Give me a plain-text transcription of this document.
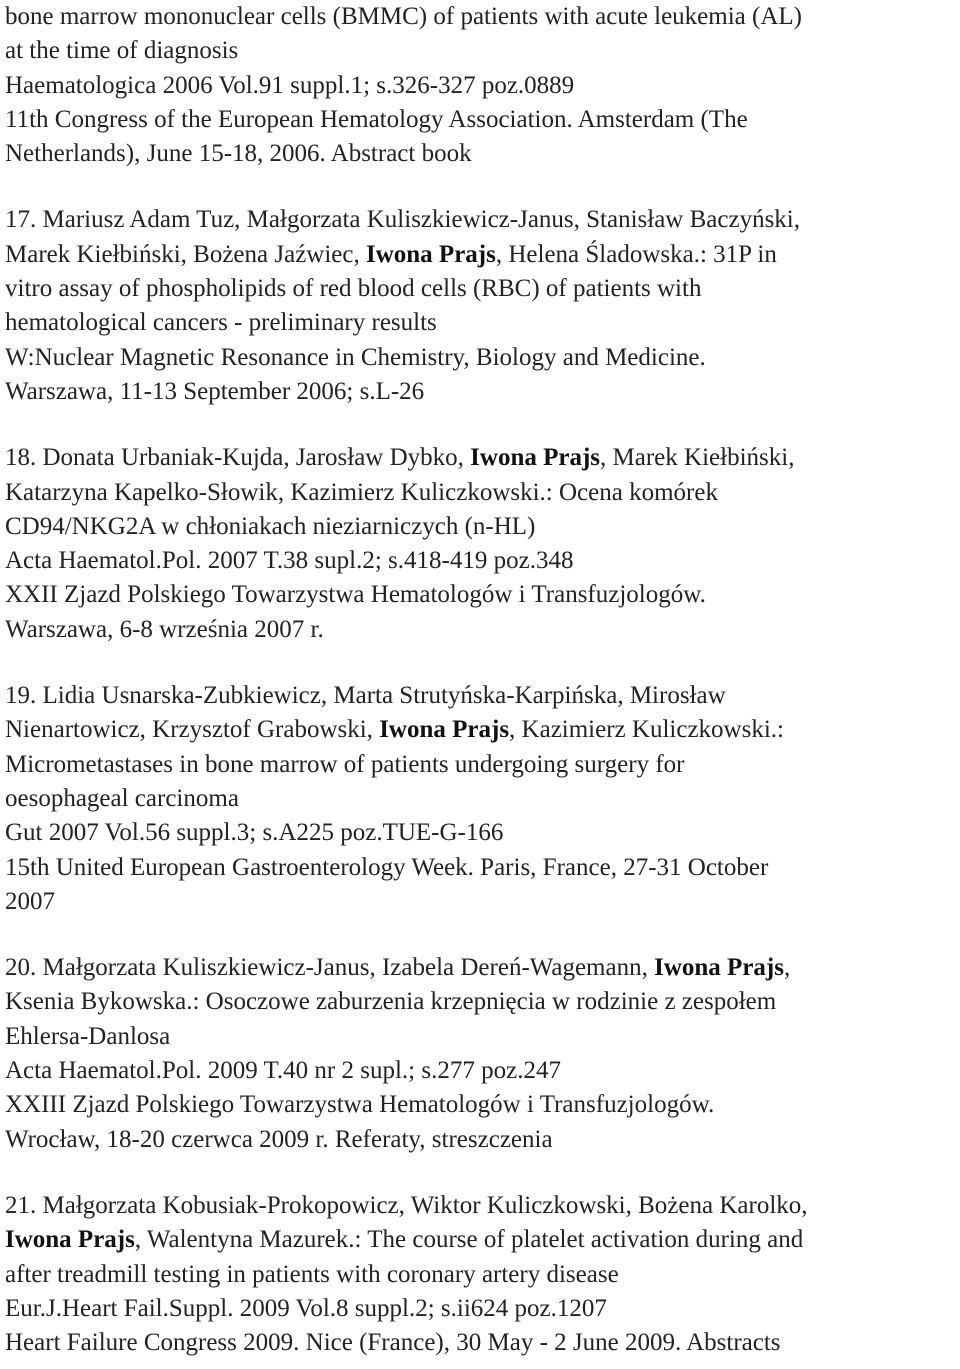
bone marrow mononuclear cells (BMMC) of patients with acute leukemia (AL)
at the time of diagnosis
Haematologica 2006 Vol.91 suppl.1; s.326-327 poz.0889
11th Congress of the European Hematology Association. Amsterdam (The
Netherlands), June 15-18, 2006. Abstract book
17. Mariusz Adam Tuz, Małgorzata Kuliszkiewicz-Janus, Stanisław Baczyński,
Marek Kiełbiński, Bożena Jaźwiec, Iwona Prajs, Helena Śladowska.: 31P in
vitro assay of phospholipids of red blood cells (RBC) of patients with
hematological cancers - preliminary results
W:Nuclear Magnetic Resonance in Chemistry, Biology and Medicine.
Warszawa, 11-13 September 2006; s.L-26
18. Donata Urbaniak-Kujda, Jarosław Dybko, Iwona Prajs, Marek Kiełbiński,
Katarzyna Kapelko-Słowik, Kazimierz Kuliczkowski.: Ocena komórek
CD94/NKG2A w chłoniakach nieziarniczych (n-HL)
Acta Haematol.Pol. 2007 T.38 supl.2; s.418-419 poz.348
XXII Zjazd Polskiego Towarzystwa Hematologów i Transfuzjologów.
Warszawa, 6-8 września 2007 r.
19. Lidia Usnarska-Zubkiewicz, Marta Strutyńska-Karpińska, Mirosław
Nienartowicz, Krzysztof Grabowski, Iwona Prajs, Kazimierz Kuliczkowski.:
Micrometastases in bone marrow of patients undergoing surgery for
oesophageal carcinoma
Gut 2007 Vol.56 suppl.3; s.A225 poz.TUE-G-166
15th United European Gastroenterology Week. Paris, France, 27-31 October
2007
20. Małgorzata Kuliszkiewicz-Janus, Izabela Dereń-Wagemann, Iwona Prajs,
Ksenia Bykowska.: Osoczowe zaburzenia krzepnięcia w rodzinie z zespołem
Ehlersa-Danlosa
Acta Haematol.Pol. 2009 T.40 nr 2 supl.; s.277 poz.247
XXIII Zjazd Polskiego Towarzystwa Hematologów i Transfuzjologów.
Wrocław, 18-20 czerwca 2009 r. Referaty, streszczenia
21. Małgorzata Kobusiak-Prokopowicz, Wiktor Kuliczkowski, Bożena Karolko,
Iwona Prajs, Walentyna Mazurek.: The course of platelet activation during and
after treadmill testing in patients with coronary artery disease
Eur.J.Heart Fail.Suppl. 2009 Vol.8 suppl.2; s.ii624 poz.1207
Heart Failure Congress 2009. Nice (France), 30 May - 2 June 2009. Abstracts
